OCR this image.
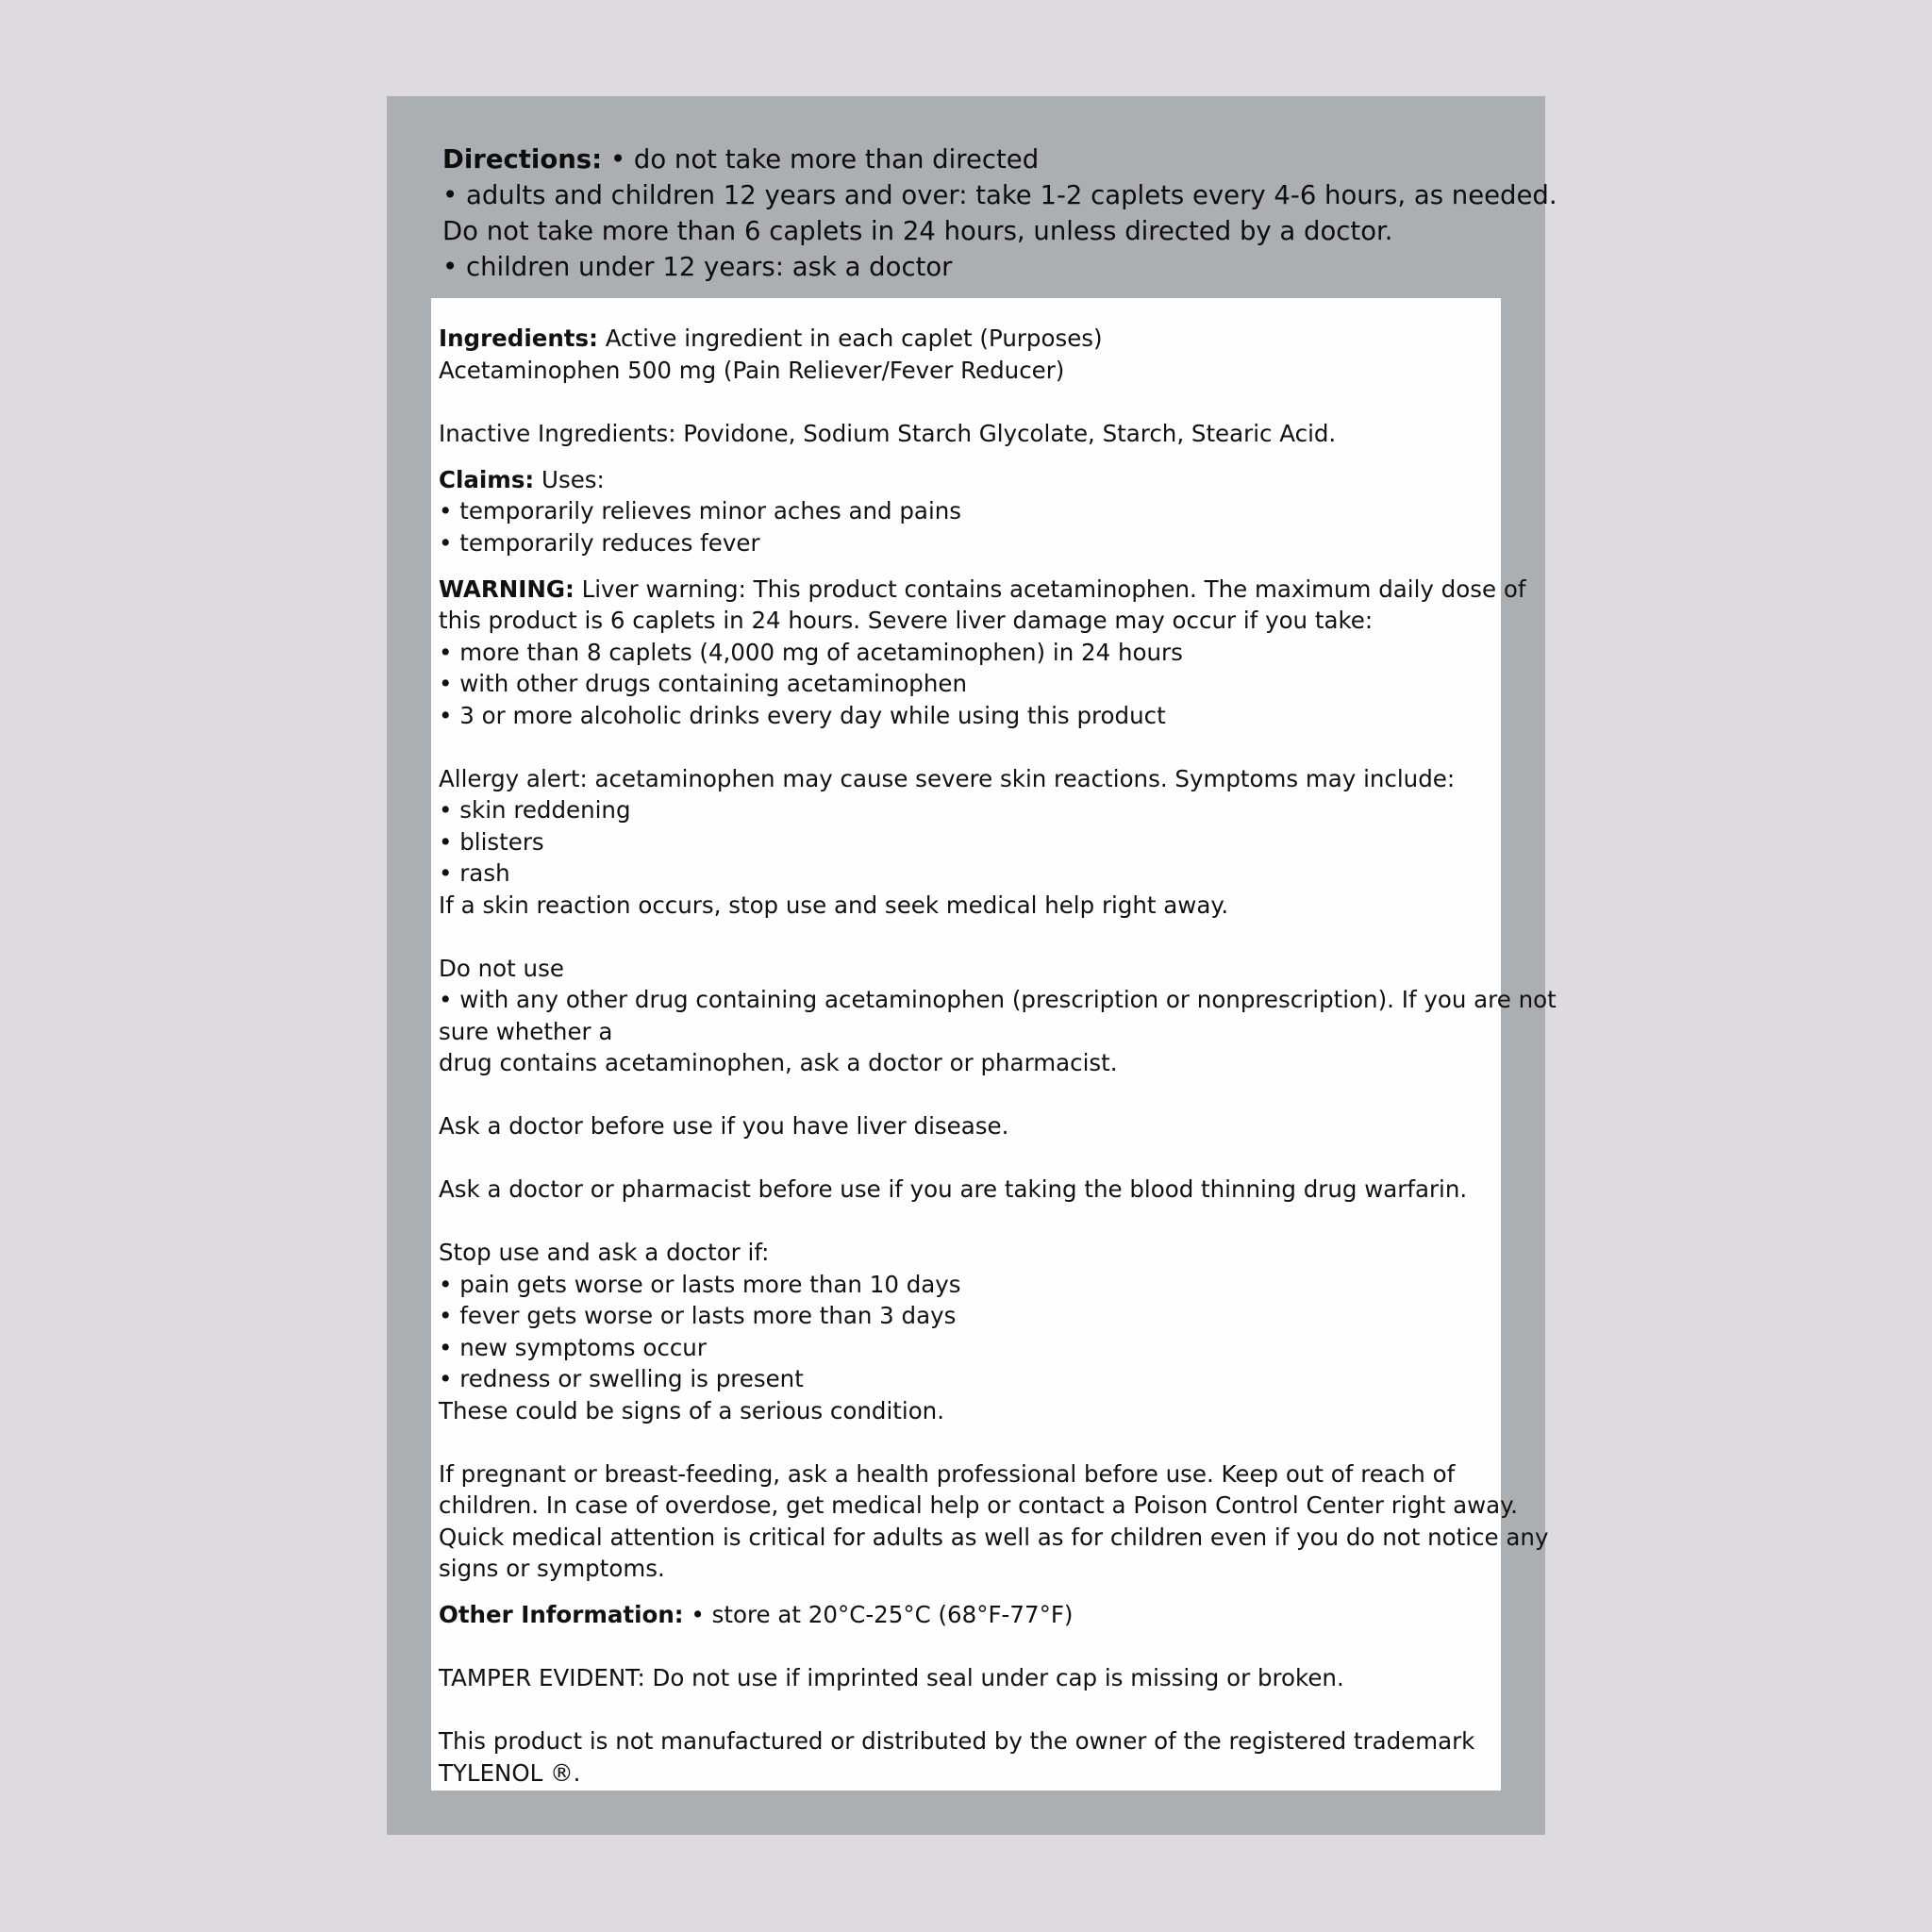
Directions: • do not take more than directed
• adults and children 12 years and over: take 1-2 caplets every 4-6 hours, as needed.
Do not take more than 6 caplets in 24 hours, unless directed by a doctor.
• children under 12 years: ask a doctor
Ingredients: Active ingredient in each caplet (Purposes)
Acetaminophen 500 mg (Pain Reliever/Fever Reducer)
Inactive Ingredients: Povidone, Sodium Starch Glycolate, Starch, Stearic Acid.
Claims: Uses:
• temporarily relieves minor aches and pains
• temporarily reduces fever
WARNING: Liver warning: This product contains acetaminophen. The maximum daily dose of
this product is 6 caplets in 24 hours. Severe liver damage may occur if you take:
• more than 8 caplets (4,000 mg of acetaminophen) in 24 hours
• with other drugs containing acetaminophen
• 3 or more alcoholic drinks every day while using this product
Allergy alert: acetaminophen may cause severe skin reactions. Symptoms may include:
• skin reddening
• blisters
• rash
If a skin reaction occurs, stop use and seek medical help right away.
Do not use
• with any other drug containing acetaminophen (prescription or nonprescription). If you are not
sure whether a
drug contains acetaminophen, ask a doctor or pharmacist.
Ask a doctor before use if you have liver disease.
Ask a doctor or pharmacist before use if you are taking the blood thinning drug warfarin.
Stop use and ask a doctor if:
• pain gets worse or lasts more than 10 days
• fever gets worse or lasts more than 3 days
• new symptoms occur
• redness or swelling is present
These could be signs of a serious condition.
If pregnant or breast-feeding, ask a health professional before use. Keep out of reach of
children. In case of overdose, get medical help or contact a Poison Control Center right away.
Quick medical attention is critical for adults as well as for children even if you do not notice any
signs or symptoms.
Other Information: • store at 20°C-25°C (68°F-77°F)
TAMPER EVIDENT: Do not use if imprinted seal under cap is missing or broken.
This product is not manufactured or distributed by the owner of the registered trademark
TYLENOL ®.
